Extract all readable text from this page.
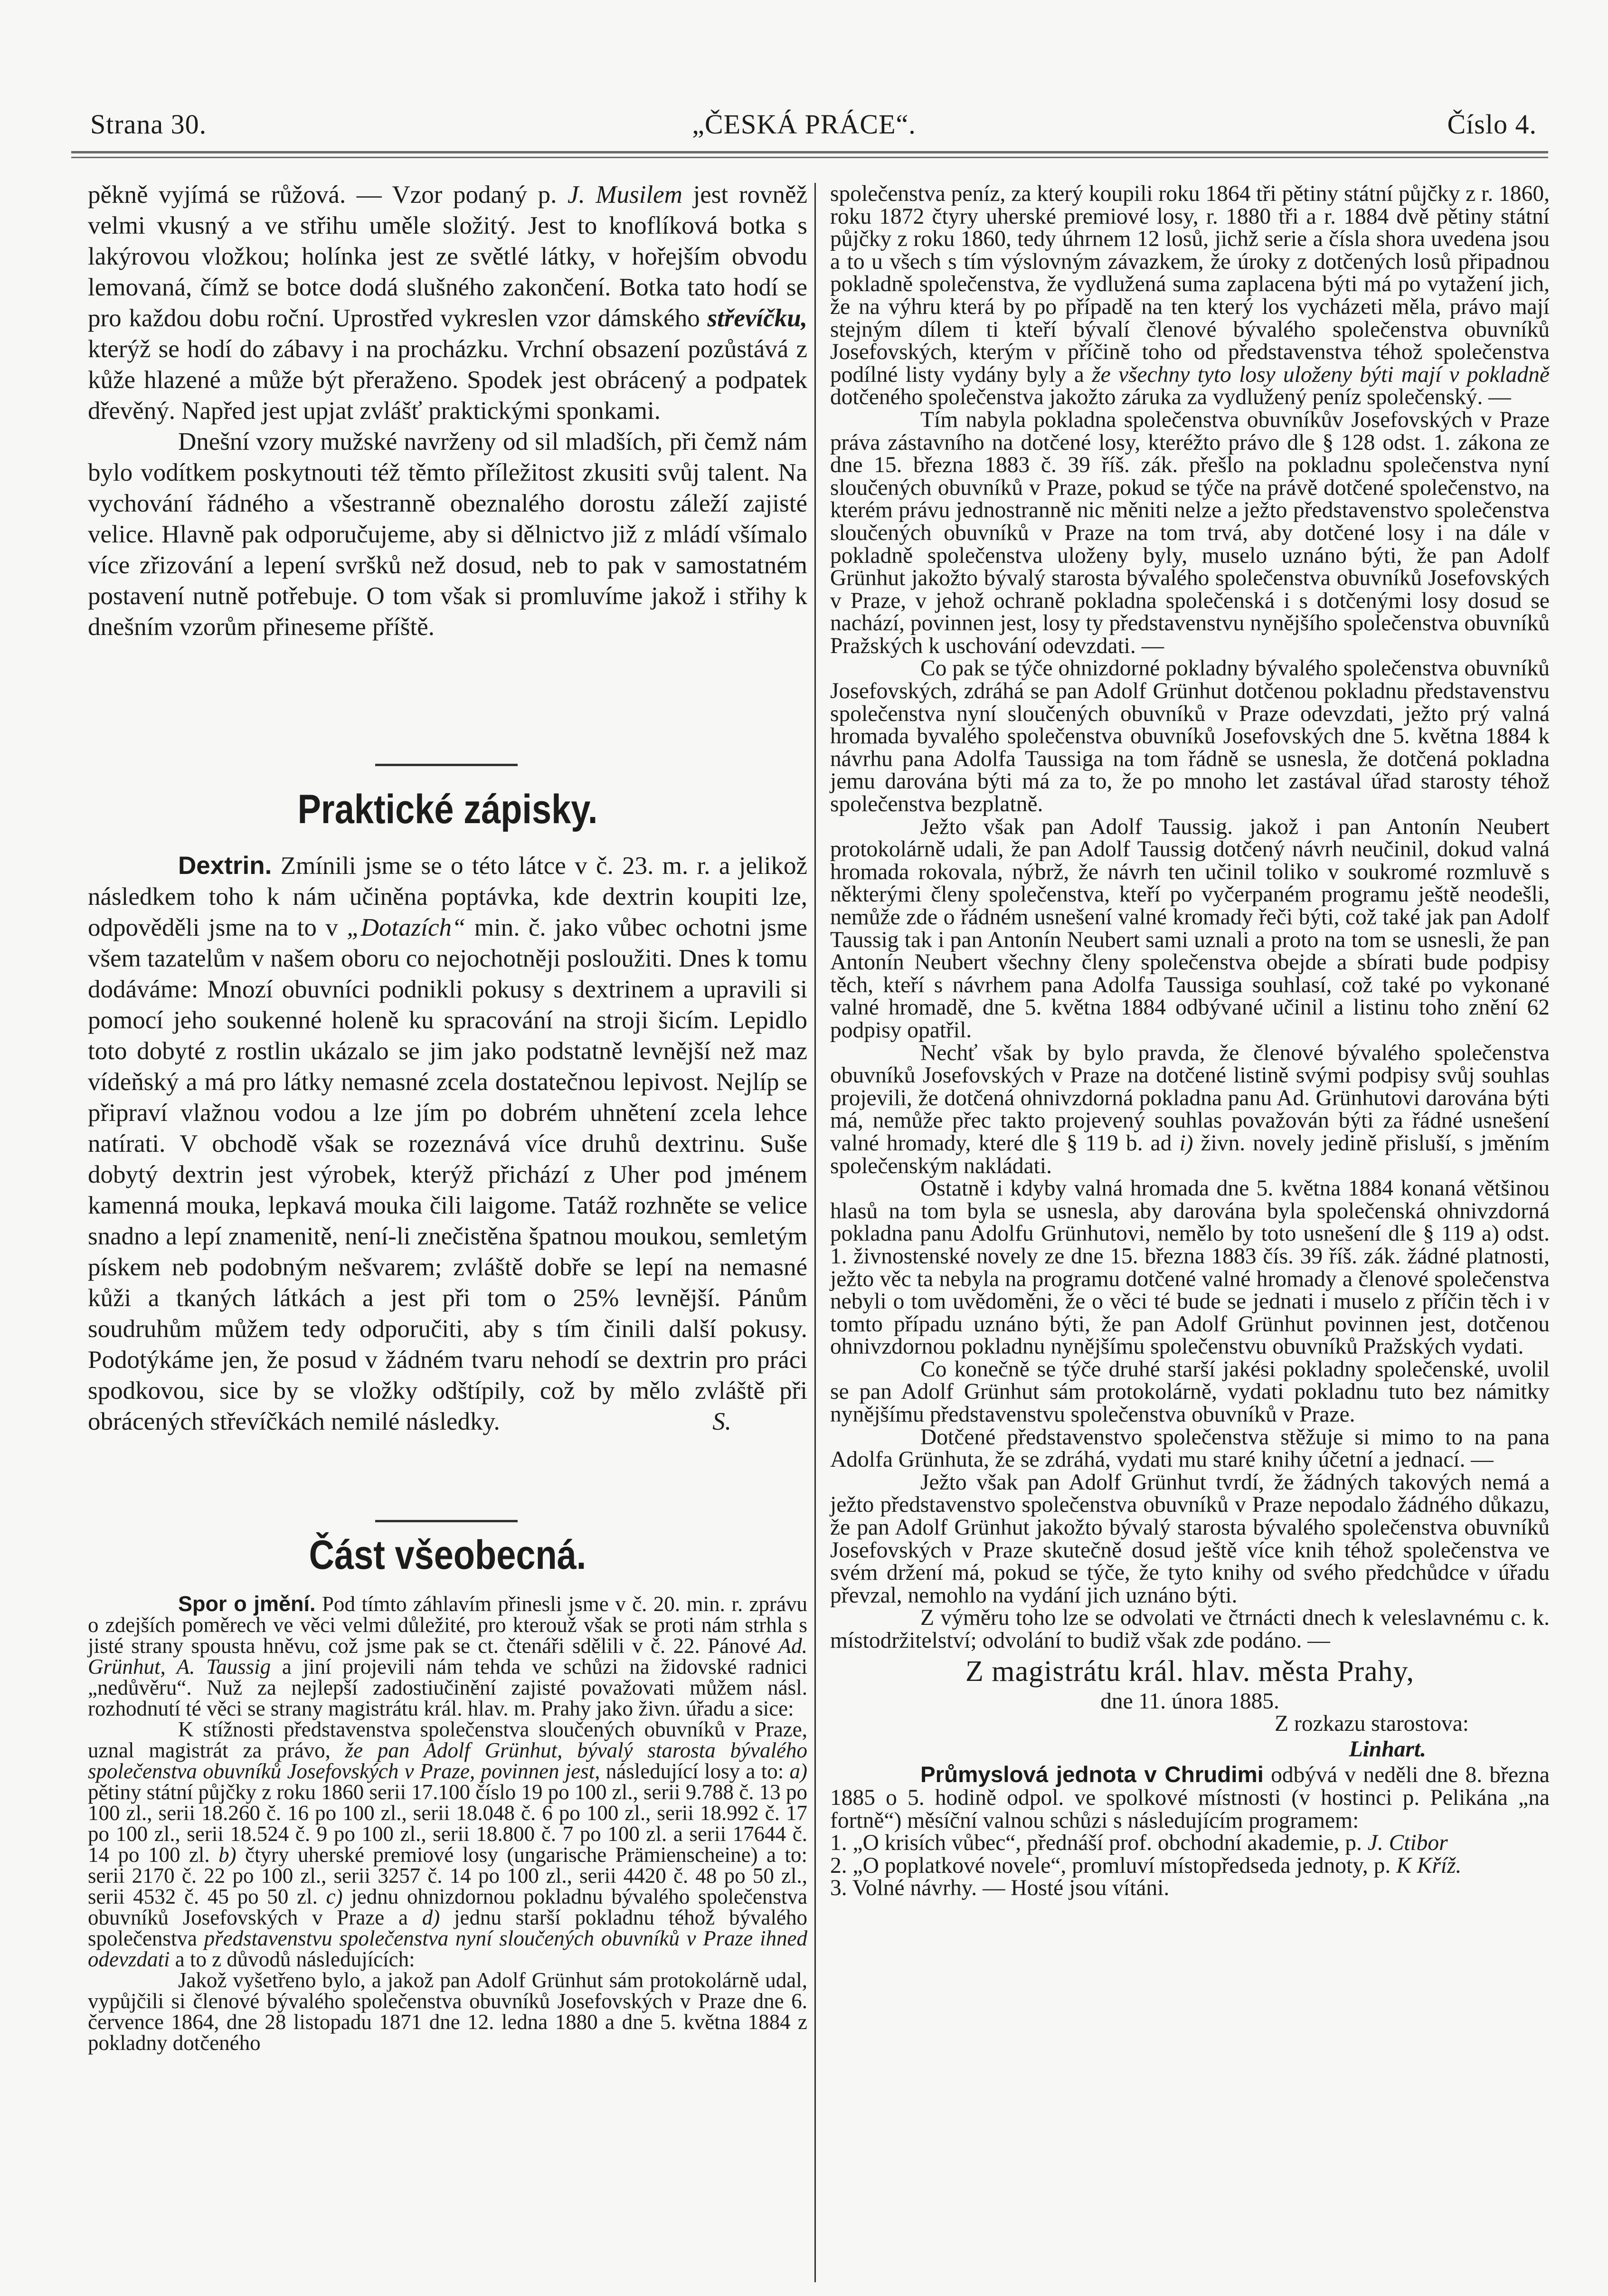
Strana 30.	„ČESKÁ PRÁCE“.	Číslo 4.

pěkně vyjímá se růžová. — Vzor podaný p. J. Musilem jest rovněž velmi vkusný a ve střihu uměle složitý. Jest to knoflíková botka s lakýrovou vložkou; holínka jest ze světlé látky, v hořejším obvodu lemovaná, čímž se botce dodá slušného zakončení. Botka tato hodí se pro každou dobu roční. Uprostřed vykreslen vzor dámského střevíčku, kterýž se hodí do zábavy i na procházku. Vrchní obsazení pozůstává z kůže hlazené a může být přeraženo. Spodek jest obrácený a podpatek dřevěný. Napřed jest upjat zvlášť praktickými sponkami.

Dnešní vzory mužské navrženy od sil mladších, při čemž nám bylo vodítkem poskytnouti též těmto příležitost zkusiti svůj talent. Na vychování řádného a všestranně obeznalého dorostu záleží zajisté velice. Hlavně pak odporučujeme, aby si dělnictvo již z mládí všímalo více zřizování a lepení svršků než dosud, neb to pak v samostatném postavení nutně potřebuje. O tom však si promluvíme jakož i střihy k dnešním vzorům přineseme příště.

Praktické zápisky.

Dextrin. Zmínili jsme se o této látce v č. 23. m. r. a jelikož následkem toho k nám učiněna poptávka, kde dextrin koupiti lze, odpověděli jsme na to v „Dotazích“ min. č. jako vůbec ochotni jsme všem tazatelům v našem oboru co nejochotněji posloužiti. Dnes k tomu dodáváme: Mnozí obuvníci podnikli pokusy s dextrinem a upravili si pomocí jeho soukenné holeně ku spracování na stroji šicím. Lepidlo toto dobyté z rostlin ukázalo se jim jako podstatně levnější než maz vídeňský a má pro látky nemasné zcela dostatečnou lepivost. Nejlíp se připraví vlažnou vodou a lze jím po dobrém uhnětení zcela lehce natírati. V obchodě však se rozeznává více druhů dextrinu. Suše dobytý dextrin jest výrobek, kterýž přichází z Uher pod jménem kamenná mouka, lepkavá mouka čili laigome. Tatáž rozhněte se velice snadno a lepí znamenitě, není-li znečistěna špatnou moukou, semletým pískem neb podobným nešvarem; zvláště dobře se lepí na nemasné kůži a tkaných látkách a jest při tom o 25% levnější. Pánům soudruhům můžem tedy odporučiti, aby s tím činili další pokusy. Podotýkáme jen, že posud v žádném tvaru nehodí se dextrin pro práci spodkovou, sice by se vložky odštípily, což by mělo zvláště při obrácených střevíčkách nemilé následky.	S.
Část všeobecná.

Spor o jmění. Pod tímto záhlavím přinesli jsme v č. 20. min. r. zprávu o zdejších poměrech ve věci velmi důležité, pro kterouž však se proti nám strhla s jisté strany spousta hněvu, což jsme pak se ct. čtenáři sdělili v č. 22. Pánové Ad. Grünhut, A. Taussig a jiní projevili nám tehda ve schůzi na židovské radnici „nedůvěru“. Nuž za nejlepší zadostiučinění zajisté považovati můžem násl. rozhodnutí té věci se strany magistrátu král. hlav. m. Prahy jako živn. úřadu a sice:

K stížnosti představenstva společenstva sloučených obuvníků v Praze, uznal magistrát za právo, že pan Adolf Grünhut, bývalý starosta bývalého společenstva obuvníků Josefovských v Praze, povinnen jest, následující losy a to: a) pětiny státní půjčky z roku 1860 serii 17.100 číslo 19 po 100 zl., serii 9.788 č. 13 po 100 zl., serii 18.260 č. 16 po 100 zl., serii 18.048 č. 6 po 100 zl., serii 18.992 č. 17 po 100 zl., serii 18.524 č. 9 po 100 zl., serii 18.800 č. 7 po 100 zl. a serii 17644 č. 14 po 100 zl. b) čtyry uherské premiové losy (ungarische Prämienscheine) a to: serii 2170 č. 22 po 100 zl., serii 3257 č. 14 po 100 zl., serii 4420 č. 48 po 50 zl., serii 4532 č. 45 po 50 zl. c) jednu ohnizdornou pokladnu bývalého společenstva obuvníků Josefovských v Praze a d) jednu starší pokladnu téhož bývalého společenstva představenstvu společenstva nyní sloučených obuvníků v Praze ihned odevzdati a to z důvodů následujících:

Jakož vyšetřeno bylo, a jakož pan Adolf Grünhut sám protokolárně udal, vypůjčili si členové bývalého společenstva obuvníků Josefovských v Praze dne 6. července 1864, dne 28 listopadu 1871 dne 12. ledna 1880 a dne 5. května 1884 z pokladny dotčeného

společenstva peníz, za který koupili roku 1864 tři pětiny státní půjčky z r. 1860, roku 1872 čtyry uherské premiové losy, r. 1880 tři a r. 1884 dvě pětiny státní půjčky z roku 1860, tedy úhrnem 12 losů, jichž serie a čísla shora uvedena jsou a to u všech s tím výslovným závazkem, že úroky z dotčených losů připadnou pokladně společenstva, že vydlužená suma zaplacena býti má po vytažení jich, že na výhru která by po případě na ten který los vycházeti měla, právo mají stejným dílem ti kteří bývalí členové bývalého společenstva obuvníků Josefovských, kterým v příčině toho od představenstva téhož společenstva podílné listy vydány byly a že všechny tyto losy uloženy býti mají v pokladně dotčeného společenstva jakožto záruka za vydlužený peníz společenský. —

Tím nabyla pokladna společenstva obuvníkův Josefovských v Praze práva zástavního na dotčené losy, kteréžto právo dle § 128 odst. 1. zákona ze dne 15. března 1883 č. 39 říš. zák. přešlo na pokladnu společenstva nyní sloučených obuvníků v Praze, pokud se týče na právě dotčené společenstvo, na kterém právu jednostranně nic měniti nelze a ježto představenstvo společenstva sloučených obuvníků v Praze na tom trvá, aby dotčené losy i na dále v pokladně společenstva uloženy byly, muselo uznáno býti, že pan Adolf Grünhut jakožto bývalý starosta bývalého společenstva obuvníků Josefovských v Praze, v jehož ochraně pokladna společenská i s dotčenými losy dosud se nachází, povinnen jest, losy ty představenstvu nynějšího společenstva obuvníků Pražských k uschování odevzdati. —

Co pak se týče ohnizdorné pokladny bývalého společenstva obuvníků Josefovských, zdráhá se pan Adolf Grünhut dotčenou pokladnu představenstvu společenstva nyní sloučených obuvníků v Praze odevzdati, ježto prý valná hromada byvalého společenstva obuvníků Josefovských dne 5. května 1884 k návrhu pana Adolfa Taussiga na tom řádně se usnesla, že dotčená pokladna jemu darována býti má za to, že po mnoho let zastával úřad starosty téhož společenstva bezplatně.

Ježto však pan Adolf Taussig. jakož i pan Antonín Neubert protokolárně udali, že pan Adolf Taussig dotčený návrh neučinil, dokud valná hromada rokovala, nýbrž, že návrh ten učinil toliko v soukromé rozmluvě s některými členy společenstva, kteří po vyčerpaném programu ještě neodešli, nemůže zde o řádném usnešení valné kromady řeči býti, což také jak pan Adolf Taussig tak i pan Antonín Neubert sami uznali a proto na tom se usnesli, že pan Antonín Neubert všechny členy společenstva obejde a sbírati bude podpisy těch, kteří s návrhem pana Adolfa Taussiga souhlasí, což také po vykonané valné hromadě, dne 5. května 1884 odbývané učinil a listinu toho znění 62 podpisy opatřil.

Nechť však by bylo pravda, že členové bývalého společenstva obuvníků Josefovských v Praze na dotčené listině svými podpisy svůj souhlas projevili, že dotčená ohnivzdorná pokladna panu Ad. Grünhutovi darována býti má, nemůže přec takto projevený souhlas považován býti za řádné usnešení valné hromady, které dle § 119 b. ad i) živn. novely jedině přisluší, s jměním společenským nakládati.

Ostatně i kdyby valná hromada dne 5. května 1884 konaná většinou hlasů na tom byla se usnesla, aby darována byla společenská ohnivzdorná pokladna panu Adolfu Grünhutovi, nemělo by toto usnešení dle § 119 a) odst. 1. živnostenské novely ze dne 15. března 1883 čís. 39 říš. zák. žádné platnosti, ježto věc ta nebyla na programu dotčené valné hromady a členové společenstva nebyli o tom uvědoměni, že o věci té bude se jednati i muselo z příčin těch i v tomto případu uznáno býti, že pan Adolf Grünhut povinnen jest, dotčenou ohnivzdornou pokladnu nynějšímu společenstvu obuvníků Pražských vydati.

Co konečně se týče druhé starší jakési pokladny společenské, uvolil se pan Adolf Grünhut sám protokolárně, vydati pokladnu tuto bez námitky nynějšímu představenstvu společenstva obuvníků v Praze.

Dotčené představenstvo společenstva stěžuje si mimo to na pana Adolfa Grünhuta, že se zdráhá, vydati mu staré knihy účetní a jednací. —

Ježto však pan Adolf Grünhut tvrdí, že žádných takových nemá a ježto představenstvo společenstva obuvníků v Praze nepodalo žádného důkazu, že pan Adolf Grünhut jakožto bývalý starosta bývalého společenstva obuvníků Josefovských v Praze skutečně dosud ještě více knih téhož společenstva ve svém držení má, pokud se týče, že tyto knihy od svého předchůdce v úřadu převzal, nemohlo na vydání jich uznáno býti.

Z výměru toho lze se odvolati ve čtrnácti dnech k veleslavnému c. k. místodržitelství; odvolání to budiž však zde podáno. —

Z magistrátu král. hlav. města Prahy,

dne 11. února 1885.

Z rozkazu starostova:

Linhart.

Průmyslová jednota v Chrudimi odbývá v neděli dne 8. března 1885 o 5. hodině odpol. ve spolkové místnosti (v hostinci p. Pelikána „na fortně“) měsíční valnou schůzi s následujícím programem:

1. „O krisích vůbec“, přednáší prof. obchodní akademie, p. J. Ctibor

2. „O poplatkové novele“, promluví místopředseda jednoty, p. K Kříž.

3. Volné návrhy. — Hosté jsou vítáni.
